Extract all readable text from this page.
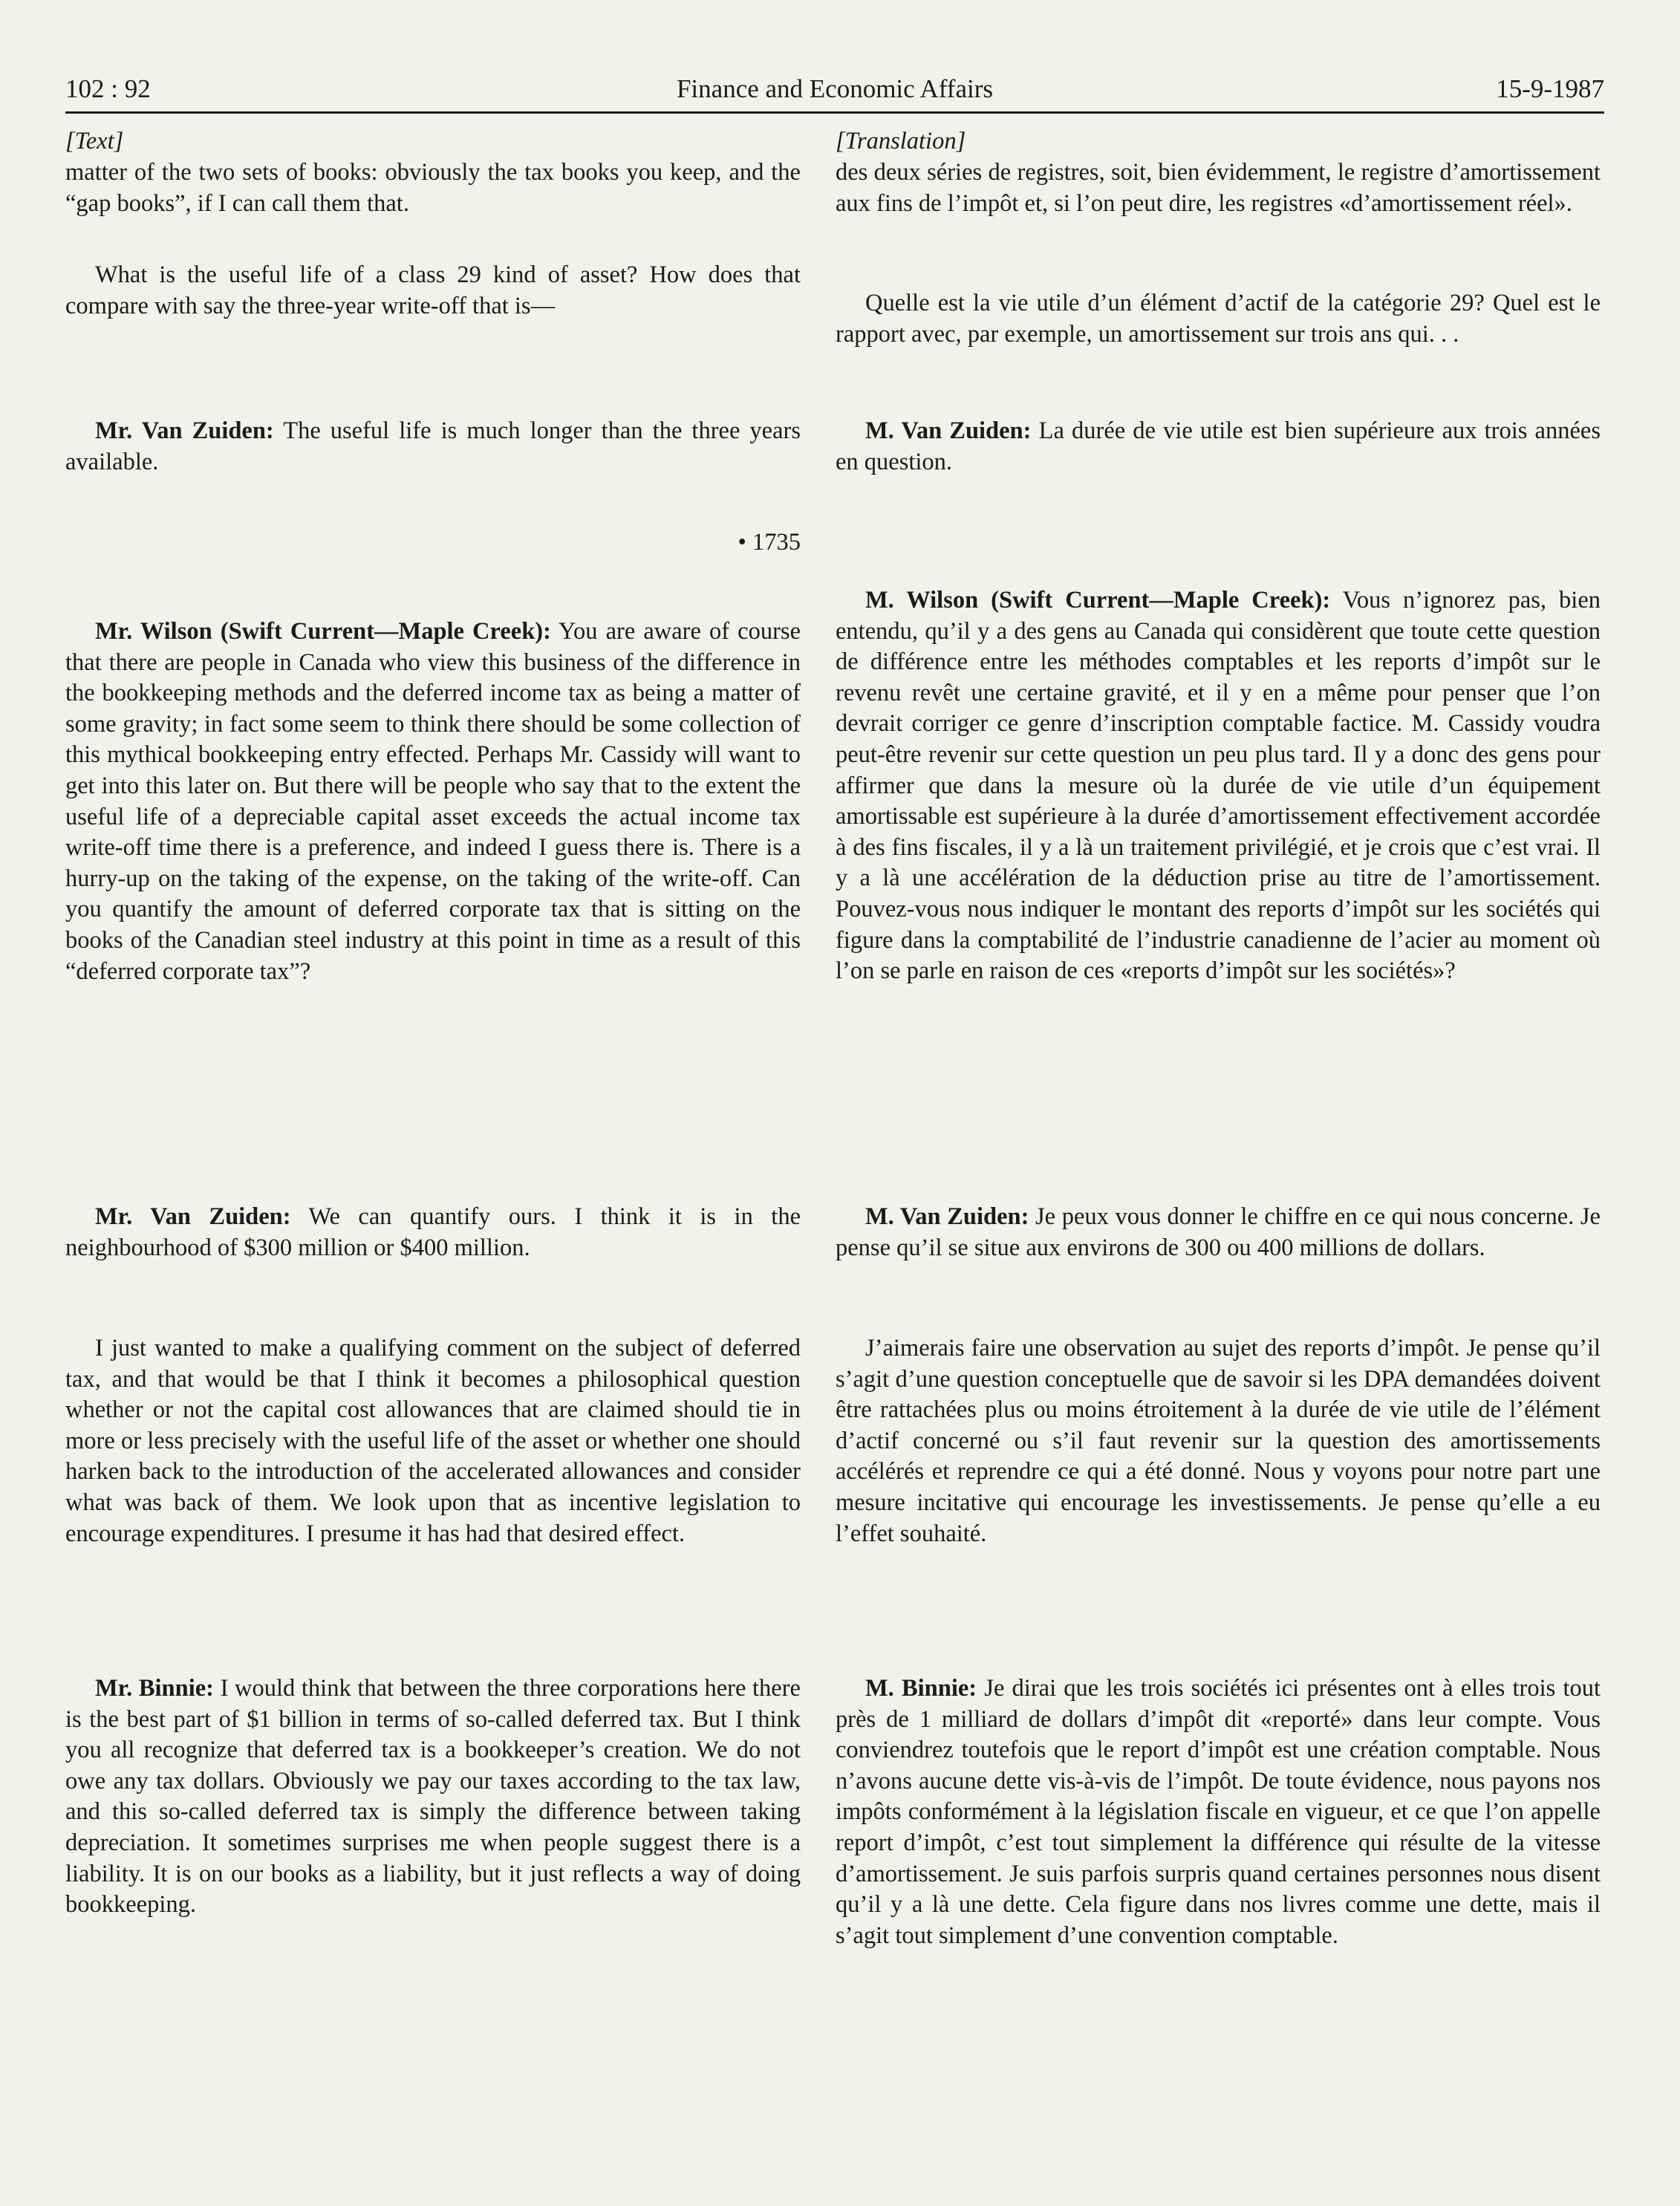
102 : 92	Finance and Economic Affairs	15-9-1987

[Text]

matter of the two sets of books: obviously the tax books you keep, and the “gap books”, if I can call them that.

What is the useful life of a class 29 kind of asset? How does that compare with say the three-year write-off that is—

Mr. Van Zuiden: The useful life is much longer than the three years available.

• 1735

Mr. Wilson (Swift Current—Maple Creek): You are aware of course that there are people in Canada who view this business of the difference in the bookkeeping methods and the deferred income tax as being a matter of some gravity; in fact some seem to think there should be some collection of this mythical bookkeeping entry effected. Perhaps Mr. Cassidy will want to get into this later on. But there will be people who say that to the extent the useful life of a depreciable capital asset exceeds the actual income tax write-off time there is a preference, and indeed I guess there is. There is a hurry-up on the taking of the expense, on the taking of the write-off. Can you quantify the amount of deferred corporate tax that is sitting on the books of the Canadian steel industry at this point in time as a result of this “deferred corporate tax”?

Mr. Van Zuiden: We can quantify ours. I think it is in the neighbourhood of $300 million or $400 million.

I just wanted to make a qualifying comment on the subject of deferred tax, and that would be that I think it becomes a philosophical question whether or not the capital cost allowances that are claimed should tie in more or less precisely with the useful life of the asset or whether one should harken back to the introduction of the accelerated allowances and consider what was back of them. We look upon that as incentive legislation to encourage expenditures. I presume it has had that desired effect.

Mr. Binnie: I would think that between the three corporations here there is the best part of $1 billion in terms of so-called deferred tax. But I think you all recognize that deferred tax is a bookkeeper’s creation. We do not owe any tax dollars. Obviously we pay our taxes according to the tax law, and this so-called deferred tax is simply the difference between taking depreciation. It sometimes surprises me when people suggest there is a liability. It is on our books as a liability, but it just reflects a way of doing bookkeeping.

[Translation]

des deux séries de registres, soit, bien évidemment, le registre d’amortissement aux fins de l’impôt et, si l’on peut dire, les registres «d’amortissement réel».

Quelle est la vie utile d’un élément d’actif de la catégorie 29? Quel est le rapport avec, par exemple, un amortissement sur trois ans qui. . .

M. Van Zuiden: La durée de vie utile est bien supérieure aux trois années en question.

M. Wilson (Swift Current—Maple Creek): Vous n’ignorez pas, bien entendu, qu’il y a des gens au Canada qui considèrent que toute cette question de différence entre les méthodes comptables et les reports d’impôt sur le revenu revêt une certaine gravité, et il y en a même pour penser que l’on devrait corriger ce genre d’inscription comptable factice. M. Cassidy voudra peut-être revenir sur cette question un peu plus tard. Il y a donc des gens pour affirmer que dans la mesure où la durée de vie utile d’un équipement amortissable est supérieure à la durée d’amortissement effectivement accordée à des fins fiscales, il y a là un traitement privilégié, et je crois que c’est vrai. Il y a là une accélération de la déduction prise au titre de l’amortissement. Pouvez-vous nous indiquer le montant des reports d’impôt sur les sociétés qui figure dans la comptabilité de l’industrie canadienne de l’acier au moment où l’on se parle en raison de ces «reports d’impôt sur les sociétés»?

M. Van Zuiden: Je peux vous donner le chiffre en ce qui nous concerne. Je pense qu’il se situe aux environs de 300 ou 400 millions de dollars.

J’aimerais faire une observation au sujet des reports d’impôt. Je pense qu’il s’agit d’une question conceptuelle que de savoir si les DPA demandées doivent être rattachées plus ou moins étroitement à la durée de vie utile de l’élément d’actif concerné ou s’il faut revenir sur la question des amortissements accélérés et reprendre ce qui a été donné. Nous y voyons pour notre part une mesure incitative qui encourage les investissements. Je pense qu’elle a eu l’effet souhaité.

M. Binnie: Je dirai que les trois sociétés ici présentes ont à elles trois tout près de 1 milliard de dollars d’impôt dit «reporté» dans leur compte. Vous conviendrez toutefois que le report d’impôt est une création comptable. Nous n’avons aucune dette vis-à-vis de l’impôt. De toute évidence, nous payons nos impôts conformément à la législation fiscale en vigueur, et ce que l’on appelle report d’impôt, c’est tout simplement la différence qui résulte de la vitesse d’amortissement. Je suis parfois surpris quand certaines personnes nous disent qu’il y a là une dette. Cela figure dans nos livres comme une dette, mais il s’agit tout simplement d’une convention comptable.
